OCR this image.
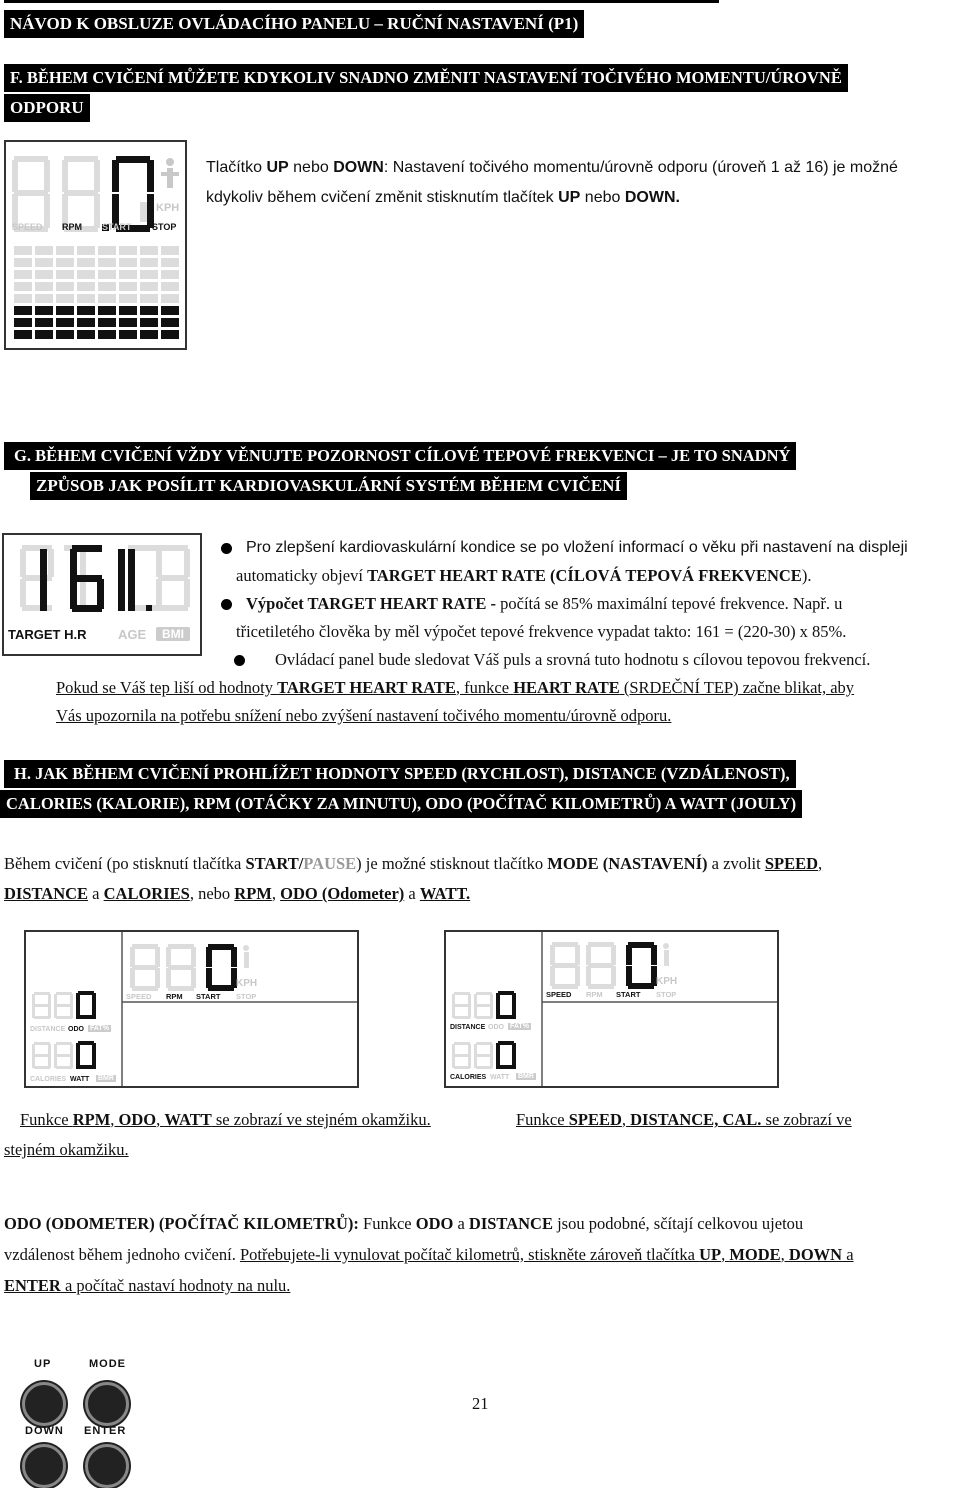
NÁVOD K OBSLUZE OVLÁDACÍHO PANELU – RUČNÍ NASTAVENÍ (P1)
F. BĚHEM CVIČENÍ MŮŽETE KDYKOLIV SNADNO ZMĚNIT NASTAVENÍ TOČIVÉHO MOMENTU/ÚROVNĚ
ODPORU
KPH
SPEED RPM START STOP
Tlačítko UP nebo DOWN: Nastavení točivého momentu/úrovně odporu (úroveň 1 až 16) je možné
kdykoliv během cvičení změnit stisknutím tlačítek UP nebo DOWN.
G. BĚHEM CVIČENÍ VŽDY VĚNUJTE POZORNOST CÍLOVÉ TEPOVÉ FREKVENCI – JE TO SNADNÝ
ZPŮSOB JAK POSÍLIT KARDIOVASKULÁRNÍ SYSTÉM BĚHEM CVIČENÍ
TARGET H.R AGE	BMI
Pro zlepšení kardiovaskulární kondice se po vložení informací o věku při nastavení na displeji
automaticky objeví TARGET HEART RATE (CÍLOVÁ TEPOVÁ FREKVENCE).
Výpočet TARGET HEART RATE - počítá se 85% maximální tepové frekvence. Např. u
třicetiletého člověka by měl výpočet tepové frekvence vypadat takto: 161 = (220-30) x 85%.
Ovládací panel bude sledovat Váš puls a srovná tuto hodnotu s cílovou tepovou frekvencí.
Pokud se Váš tep liší od hodnoty TARGET HEART RATE, funkce HEART RATE (SRDEČNÍ TEP) začne blikat, aby
Vás upozornila na potřebu snížení nebo zvýšení nastavení točivého momentu/úrovně odporu.
H. JAK BĚHEM CVIČENÍ PROHLÍŽET HODNOTY SPEED (RYCHLOST), DISTANCE (VZDÁLENOST),
CALORIES (KALORIE), RPM (OTÁČKY ZA MINUTU), ODO (POČÍTAČ KILOMETRŮ) A WATT (JOULY)
Během cvičení (po stisknutí tlačítka START/PAUSE) je možné stisknout tlačítko MODE (NASTAVENÍ) a zvolit SPEED,
DISTANCE a CALORIES, nebo RPM, ODO (Odometer) a WATT.
KPH
SPEED RPM START STOP
DISTANCE ODO FAT%
CALORIES WATT BMR
KPH
SPEED RPM START STOP
DISTANCE ODO FAT%
CALORIES WATT BMR
Funkce RPM, ODO, WATT se zobrazí ve stejném okamžiku.
stejném okamžiku.
Funkce SPEED, DISTANCE, CAL. se zobrazí ve
ODO (ODOMETER) (POČÍTAČ KILOMETRŮ): Funkce ODO a DISTANCE jsou podobné, sčítají celkovou ujetou
vzdálenost během jednoho cvičení. Potřebujete-li vynulovat počítač kilometrů, stiskněte zároveň tlačítka UP, MODE, DOWN a
ENTER a počítač nastaví hodnoty na nulu.
UP	MODE
DOWN ENTER
21
